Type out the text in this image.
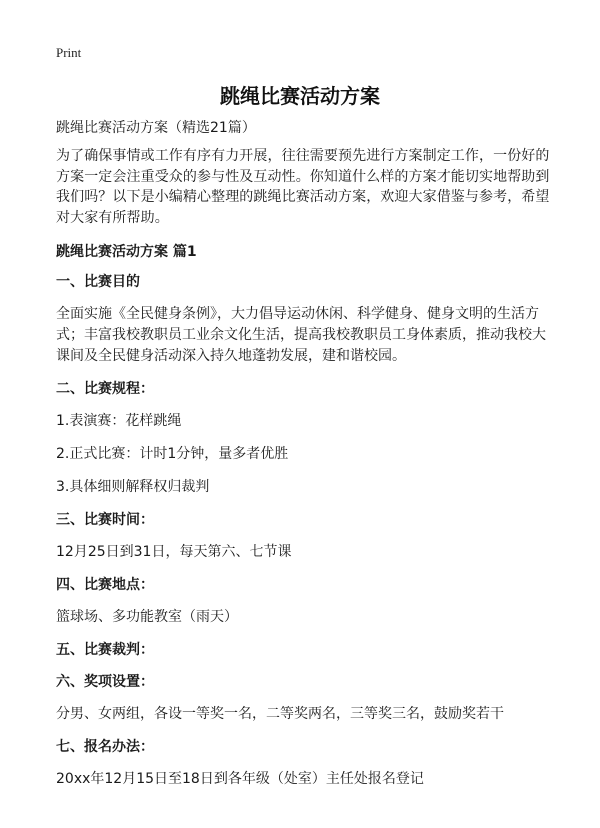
Print
跳绳比赛活动方案

跳绳比赛活动方案（精选21篇）

为了确保事情或工作有序有力开展，往往需要预先进行方案制定工作，一份好的方案一定会注重受众的参与性及互动性。你知道什么样的方案才能切实地帮助到我们吗？以下是小编精心整理的跳绳比赛活动方案，欢迎大家借鉴与参考，希望对大家有所帮助。

跳绳比赛活动方案 篇1

一、比赛目的

全面实施《全民健身条例》，大力倡导运动休闲、科学健身、健身文明的生活方式；丰富我校教职员工业余文化生活，提高我校教职员工身体素质，推动我校大课间及全民健身活动深入持久地蓬勃发展，建和谐校园。

二、比赛规程：

1.表演赛：花样跳绳

2.正式比赛：计时1分钟，量多者优胜

3.具体细则解释权归裁判

三、比赛时间：

12月25日到31日，每天第六、七节课

四、比赛地点：

篮球场、多功能教室（雨天）

五、比赛裁判：

六、奖项设置：

分男、女两组，各设一等奖一名，二等奖两名，三等奖三名，鼓励奖若干

七、报名办法：

20xx年12月15日至18日到各年级（处室）主任处报名登记
